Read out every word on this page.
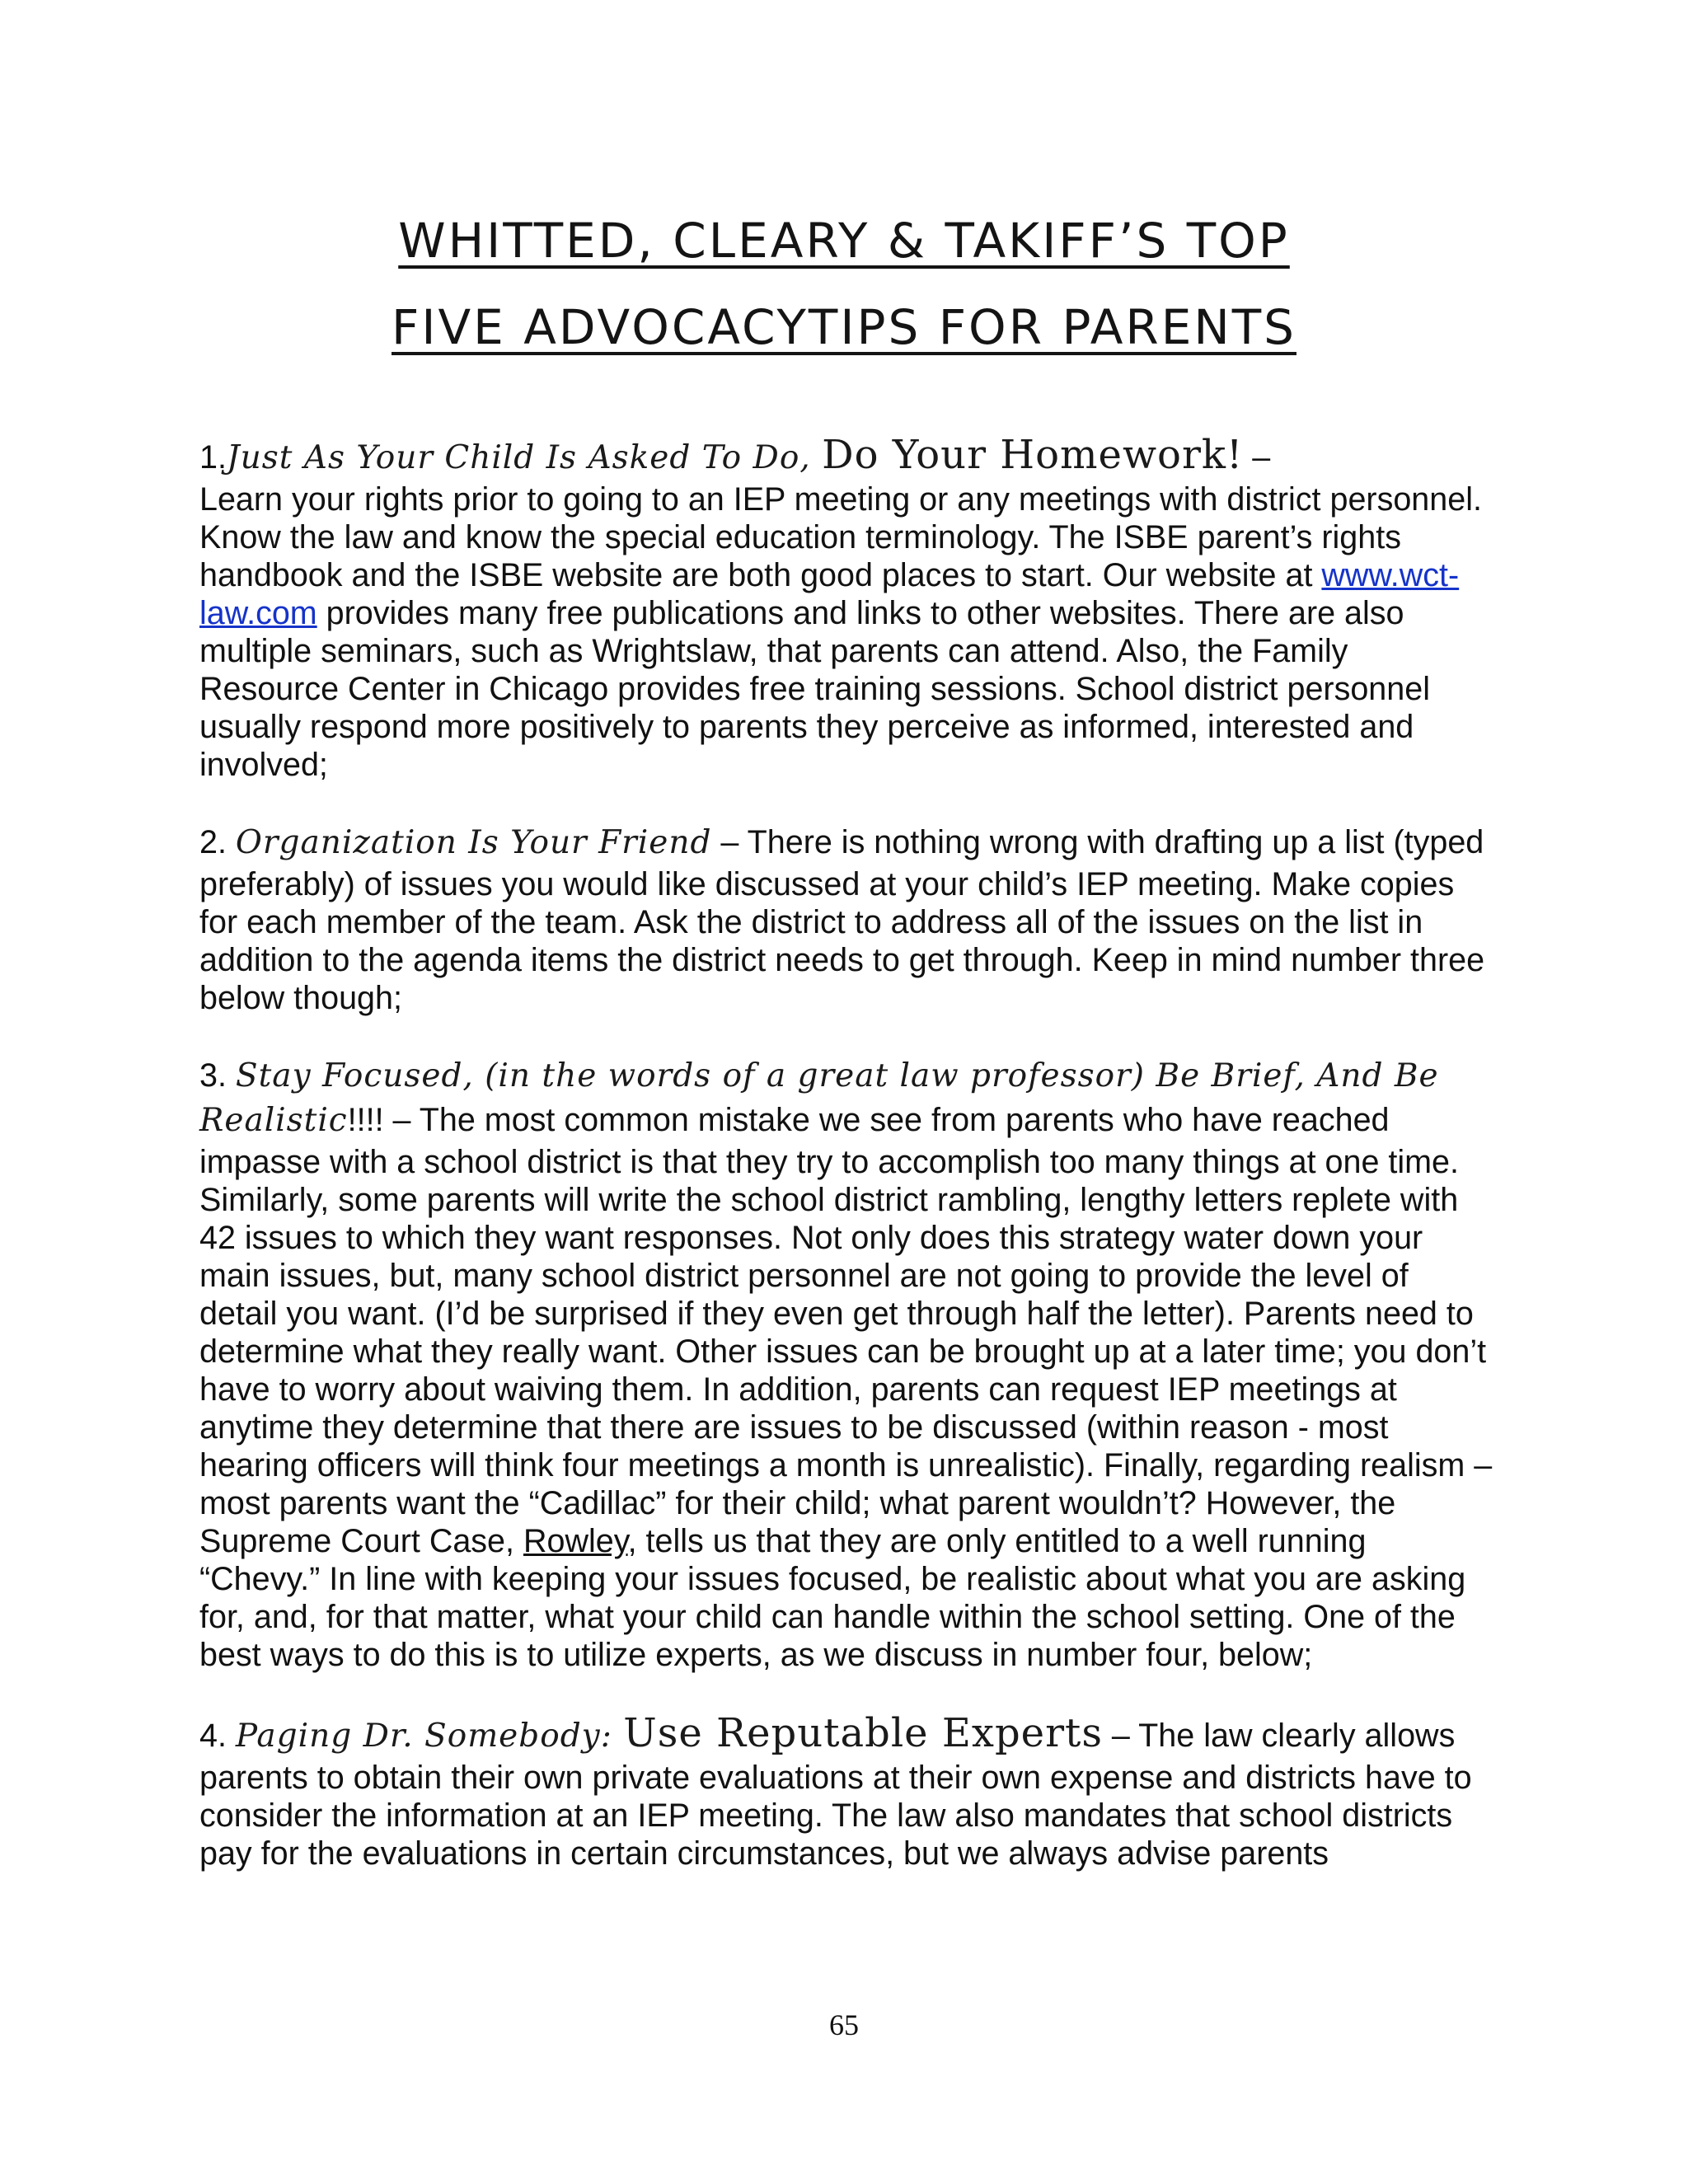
WHITTED, CLEARY & TAKIFF’S TOP
FIVE ADVOCACYTIPS FOR PARENTS

1.Just As Your Child Is Asked To Do, Do Your Homework! –
Learn your rights prior to going to an IEP meeting or any meetings with district personnel. Know the law and know the special education terminology. The ISBE parent’s rights handbook and the ISBE website are both good places to start. Our website at www.wct-law.com provides many free publications and links to other websites. There are also multiple seminars, such as Wrightslaw, that parents can attend. Also, the Family Resource Center in Chicago provides free training sessions. School district personnel usually respond more positively to parents they perceive as informed, interested and involved;

2. Organization Is Your Friend – There is nothing wrong with drafting up a list (typed preferably) of issues you would like discussed at your child’s IEP meeting. Make copies for each member of the team. Ask the district to address all of the issues on the list in addition to the agenda items the district needs to get through. Keep in mind number three below though;

3. Stay Focused, (in the words of a great law professor) Be Brief, And Be Realistic!!!! – The most common mistake we see from parents who have reached impasse with a school district is that they try to accomplish too many things at one time. Similarly, some parents will write the school district rambling, lengthy letters replete with 42 issues to which they want responses. Not only does this strategy water down your main issues, but, many school district personnel are not going to provide the level of detail you want. (I’d be surprised if they even get through half the letter). Parents need to determine what they really want. Other issues can be brought up at a later time; you don’t have to worry about waiving them. In addition, parents can request IEP meetings at anytime they determine that there are issues to be discussed (within reason - most hearing officers will think four meetings a month is unrealistic). Finally, regarding realism – most parents want the “Cadillac” for their child; what parent wouldn’t? However, the Supreme Court Case, Rowley, tells us that they are only entitled to a well running “Chevy.” In line with keeping your issues focused, be realistic about what you are asking for, and, for that matter, what your child can handle within the school setting. One of the best ways to do this is to utilize experts, as we discuss in number four, below;

4. Paging Dr. Somebody: Use Reputable Experts – The law clearly allows parents to obtain their own private evaluations at their own expense and districts have to consider the information at an IEP meeting. The law also mandates that school districts pay for the evaluations in certain circumstances, but we always advise parents

65
